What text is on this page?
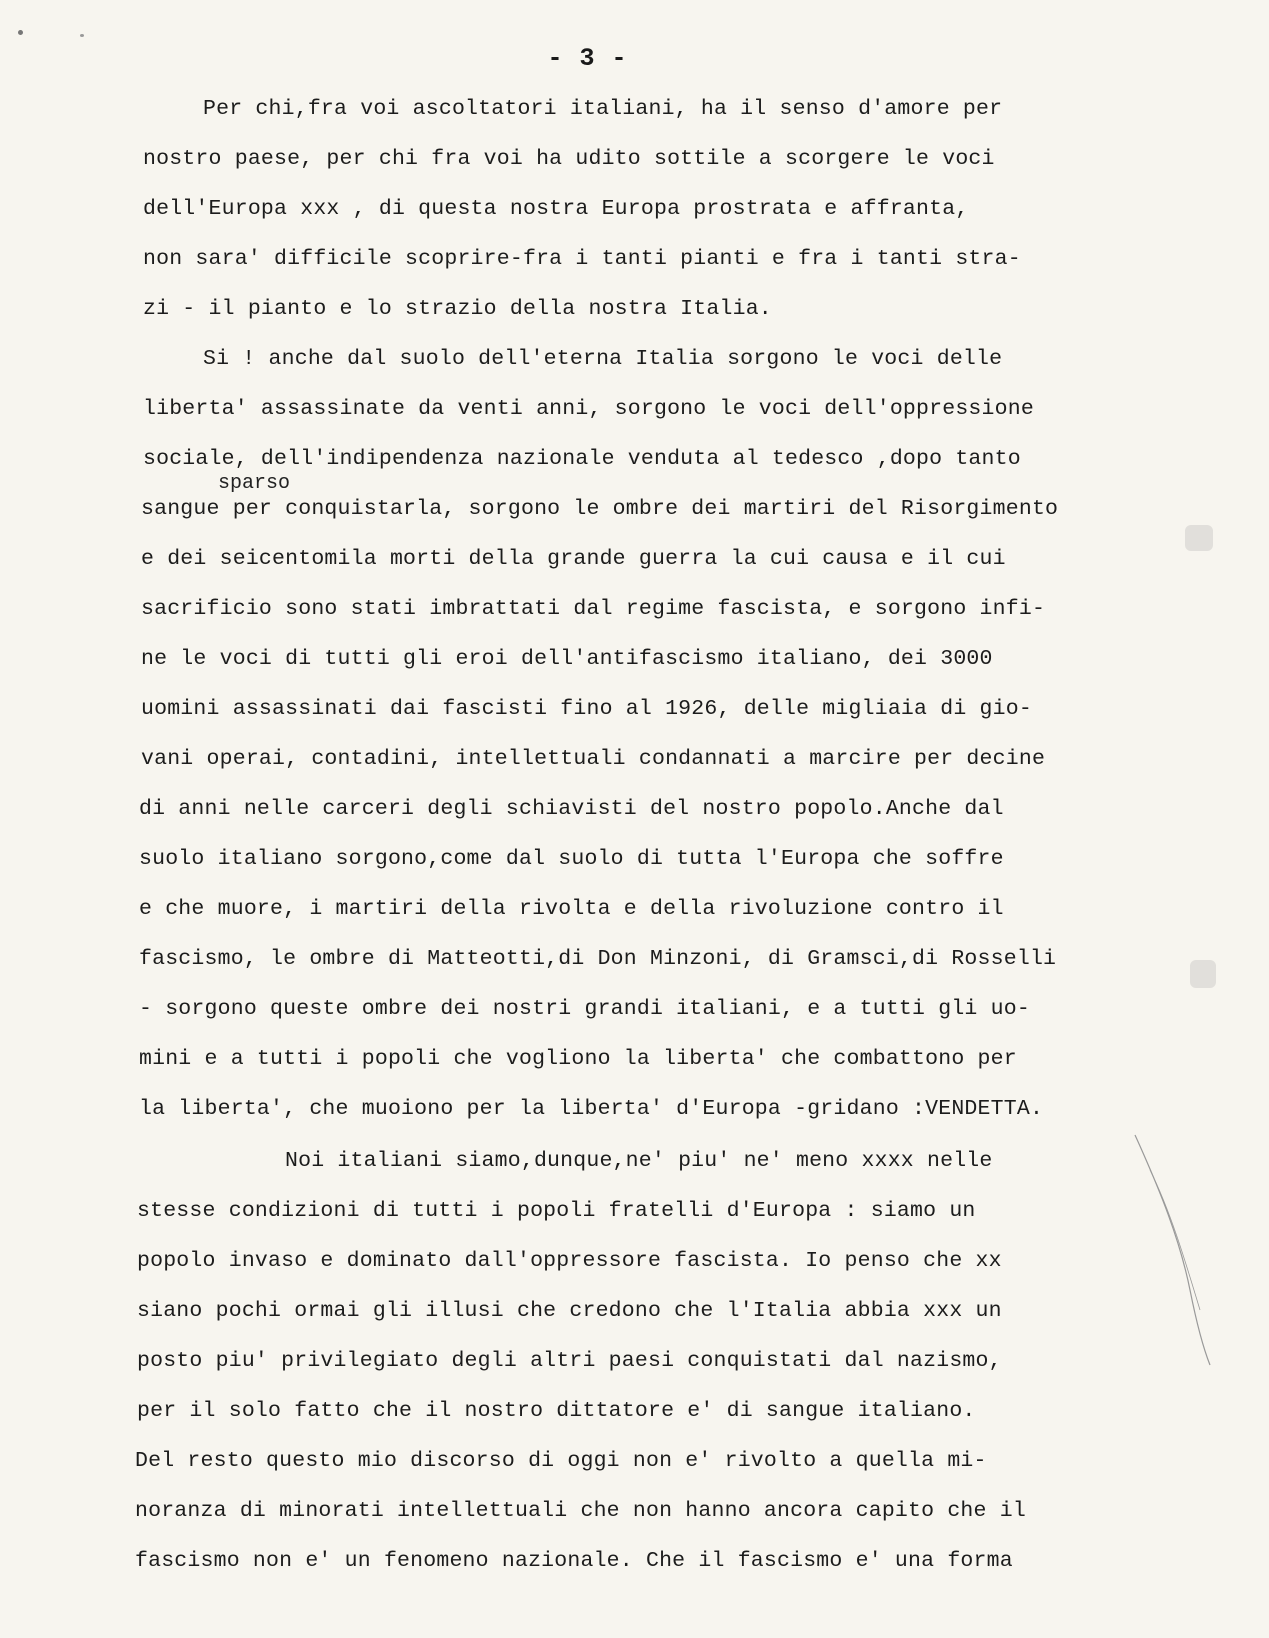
- 3 -
Per chi,fra voi ascoltatori italiani, ha il senso d'amore per
nostro paese, per chi fra voi ha udito sottile a scorgere le voci
dell'Europa xxx , di questa nostra Europa prostrata e affranta,
non sara' difficile scoprire-fra i tanti pianti e fra i tanti stra-
zi - il pianto e lo strazio della nostra Italia.
Si ! anche dal suolo dell'eterna Italia sorgono le voci delle
liberta' assassinate da venti anni, sorgono le voci dell'oppressione
sociale, dell'indipendenza nazionale venduta al tedesco ,dopo tanto
sparso
sangue per conquistarla, sorgono le ombre dei martiri del Risorgimento
e dei seicentomila morti della grande guerra la cui causa e il cui
sacrificio sono stati imbrattati dal regime fascista, e sorgono infi-
ne le voci di tutti gli eroi dell'antifascismo italiano, dei 3000
uomini assassinati dai fascisti fino al 1926, delle migliaia di gio-
vani operai, contadini, intellettuali condannati a marcire per decine
di anni nelle carceri degli schiavisti del nostro popolo.Anche dal
suolo italiano sorgono,come dal suolo di tutta l'Europa che soffre
e che muore, i martiri della rivolta e della rivoluzione contro il
fascismo, le ombre di Matteotti,di Don Minzoni, di Gramsci,di Rosselli
- sorgono queste ombre dei nostri grandi italiani, e a tutti gli uo-
mini e a tutti i popoli che vogliono la liberta' che combattono per
la liberta', che muoiono per la liberta' d'Europa -gridano :VENDETTA.
Noi italiani siamo,dunque,ne' piu' ne' meno xxxx nelle
stesse condizioni di tutti i popoli fratelli d'Europa : siamo un
popolo invaso e dominato dall'oppressore fascista. Io penso che xx
siano pochi ormai gli illusi che credono che l'Italia abbia xxx un
posto piu' privilegiato degli altri paesi conquistati dal nazismo,
per il solo fatto che il nostro dittatore e' di sangue italiano.
Del resto questo mio discorso di oggi non e' rivolto a quella mi-
noranza di minorati intellettuali che non hanno ancora capito che il
fascismo non e' un fenomeno nazionale. Che il fascismo e' una forma
